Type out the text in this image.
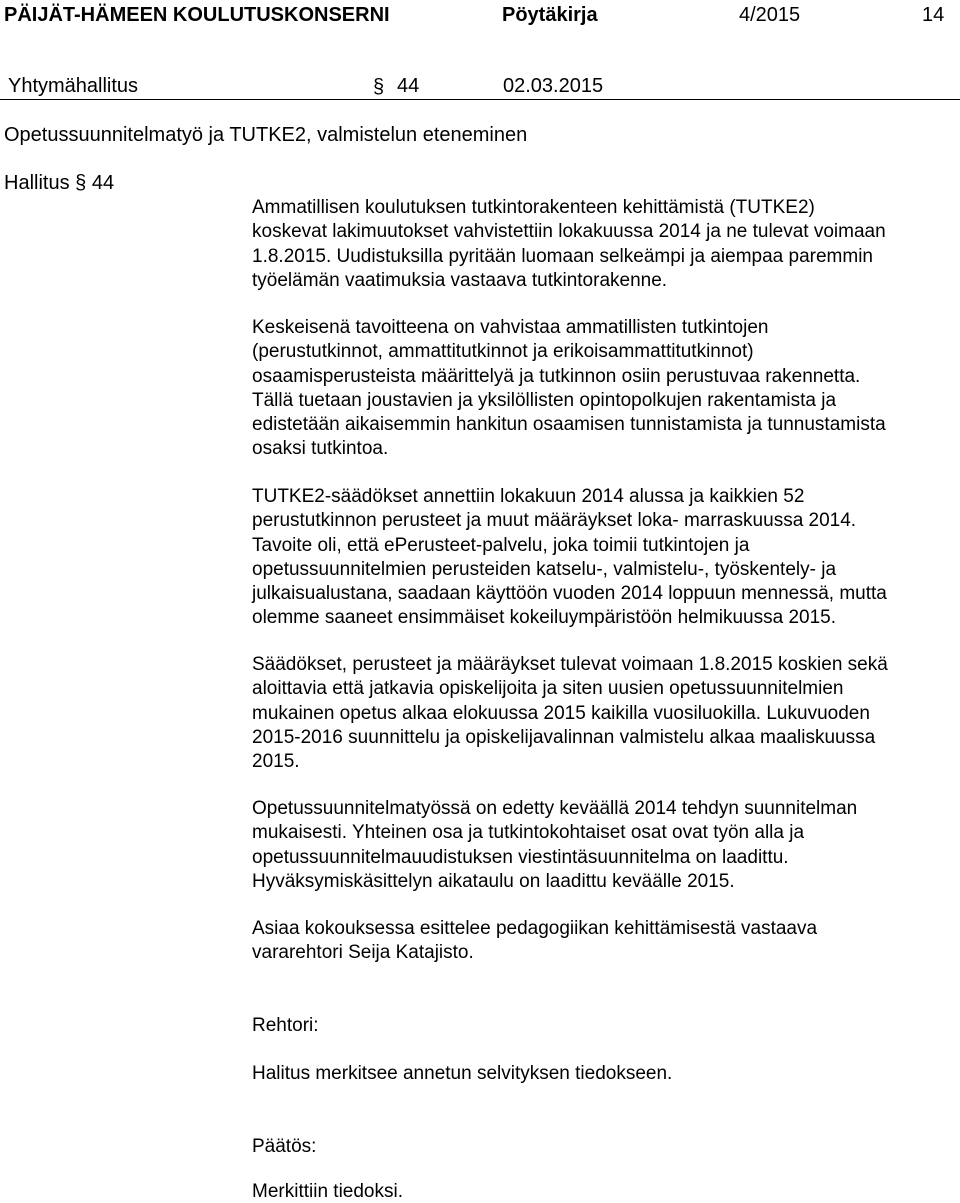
PÄIJÄT-HÄMEEN KOULUTUSKONSERNI	Pöytäkirja	4/2015	14
Yhtymähallitus	§ 44	02.03.2015
Opetussuunnitelmatyö ja TUTKE2, valmistelun eteneminen
Hallitus § 44

Ammatillisen koulutuksen tutkintorakenteen kehittämistä (TUTKE2)

koskevat lakimuutokset vahvistettiin lokakuussa 2014 ja ne tulevat voimaan

1.8.2015. Uudistuksilla pyritään luomaan selkeämpi ja aiempaa paremmin

työelämän vaatimuksia vastaava tutkintorakenne.

Keskeisenä tavoitteena on vahvistaa ammatillisten tutkintojen

(perustutkinnot, ammattitutkinnot ja erikoisammattitutkinnot)

osaamisperusteista määrittelyä ja tutkinnon osiin perustuvaa rakennetta.

Tällä tuetaan joustavien ja yksilöllisten opintopolkujen rakentamista ja

edistetään aikaisemmin hankitun osaamisen tunnistamista ja tunnustamista

osaksi tutkintoa.

TUTKE2-säädökset annettiin lokakuun 2014 alussa ja kaikkien 52

perustutkinnon perusteet ja muut määräykset loka- marraskuussa 2014.

Tavoite oli, että ePerusteet-palvelu, joka toimii tutkintojen ja

opetussuunnitelmien perusteiden katselu-, valmistelu-, työskentely- ja

julkaisualustana, saadaan käyttöön vuoden 2014 loppuun mennessä, mutta

olemme saaneet ensimmäiset kokeiluympäristöön helmikuussa 2015.

Säädökset, perusteet ja määräykset tulevat voimaan 1.8.2015 koskien sekä

aloittavia että jatkavia opiskelijoita ja siten uusien opetussuunnitelmien

mukainen opetus alkaa elokuussa 2015 kaikilla vuosiluokilla. Lukuvuoden

2015-2016 suunnittelu ja opiskelijavalinnan valmistelu alkaa maaliskuussa

2015.

Opetussuunnitelmatyössä on edetty keväällä 2014 tehdyn suunnitelman

mukaisesti. Yhteinen osa ja tutkintokohtaiset osat ovat työn alla ja

opetussuunnitelmauudistuksen viestintäsuunnitelma on laadittu.

Hyväksymiskäsittelyn aikataulu on laadittu keväälle 2015.

Asiaa kokouksessa esittelee pedagogiikan kehittämisestä vastaava

vararehtori Seija Katajisto.

Rehtori:
Halitus merkitsee annetun selvityksen tiedokseen.
Päätös:
Merkittiin tiedoksi.
